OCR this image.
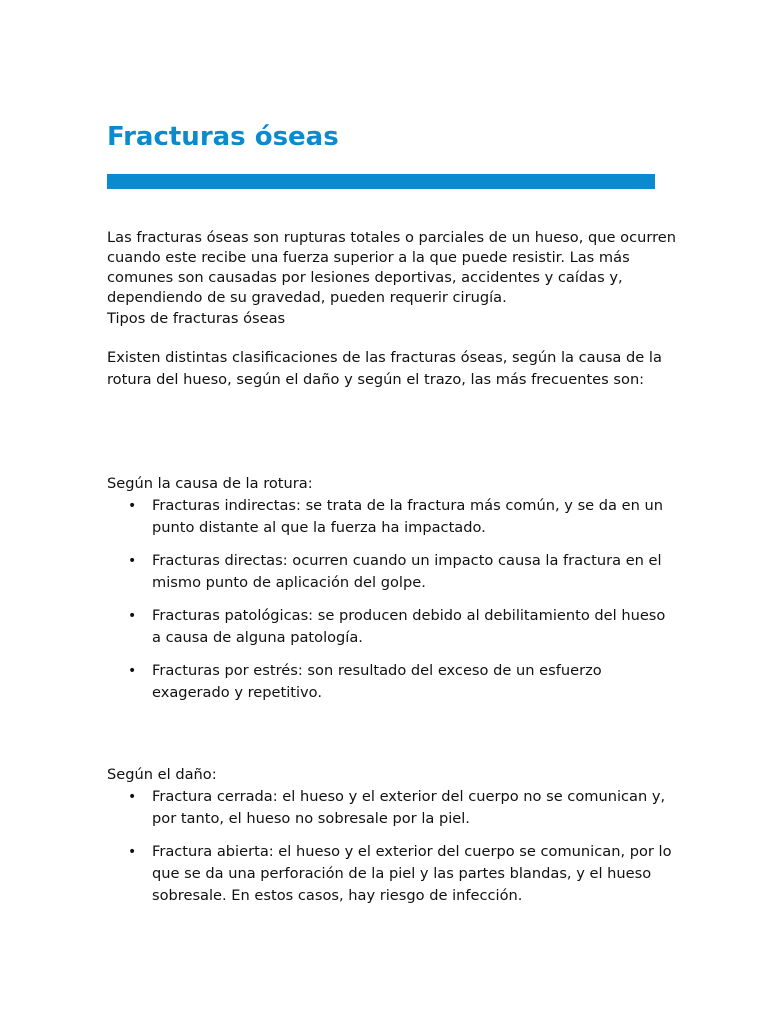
Fracturas óseas

Las fracturas óseas son rupturas totales o parciales de un hueso, que ocurren cuando este recibe una fuerza superior a la que puede resistir. Las más comunes son causadas por lesiones deportivas, accidentes y caídas y, dependiendo de su gravedad, pueden requerir cirugía.

Tipos de fracturas óseas

Existen distintas clasificaciones de las fracturas óseas, según la causa de la rotura del hueso, según el daño y según el trazo, las más frecuentes son:

Según la causa de la rotura:

• Fracturas indirectas: se trata de la fractura más común, y se da en un punto distante al que la fuerza ha impactado.
• Fracturas directas: ocurren cuando un impacto causa la fractura en el mismo punto de aplicación del golpe.
• Fracturas patológicas: se producen debido al debilitamiento del hueso a causa de alguna patología.
• Fracturas por estrés: son resultado del exceso de un esfuerzo exagerado y repetitivo.

Según el daño:

• Fractura cerrada: el hueso y el exterior del cuerpo no se comunican y, por tanto, el hueso no sobresale por la piel.
• Fractura abierta: el hueso y el exterior del cuerpo se comunican, por lo que se da una perforación de la piel y las partes blandas, y el hueso sobresale. En estos casos, hay riesgo de infección.
